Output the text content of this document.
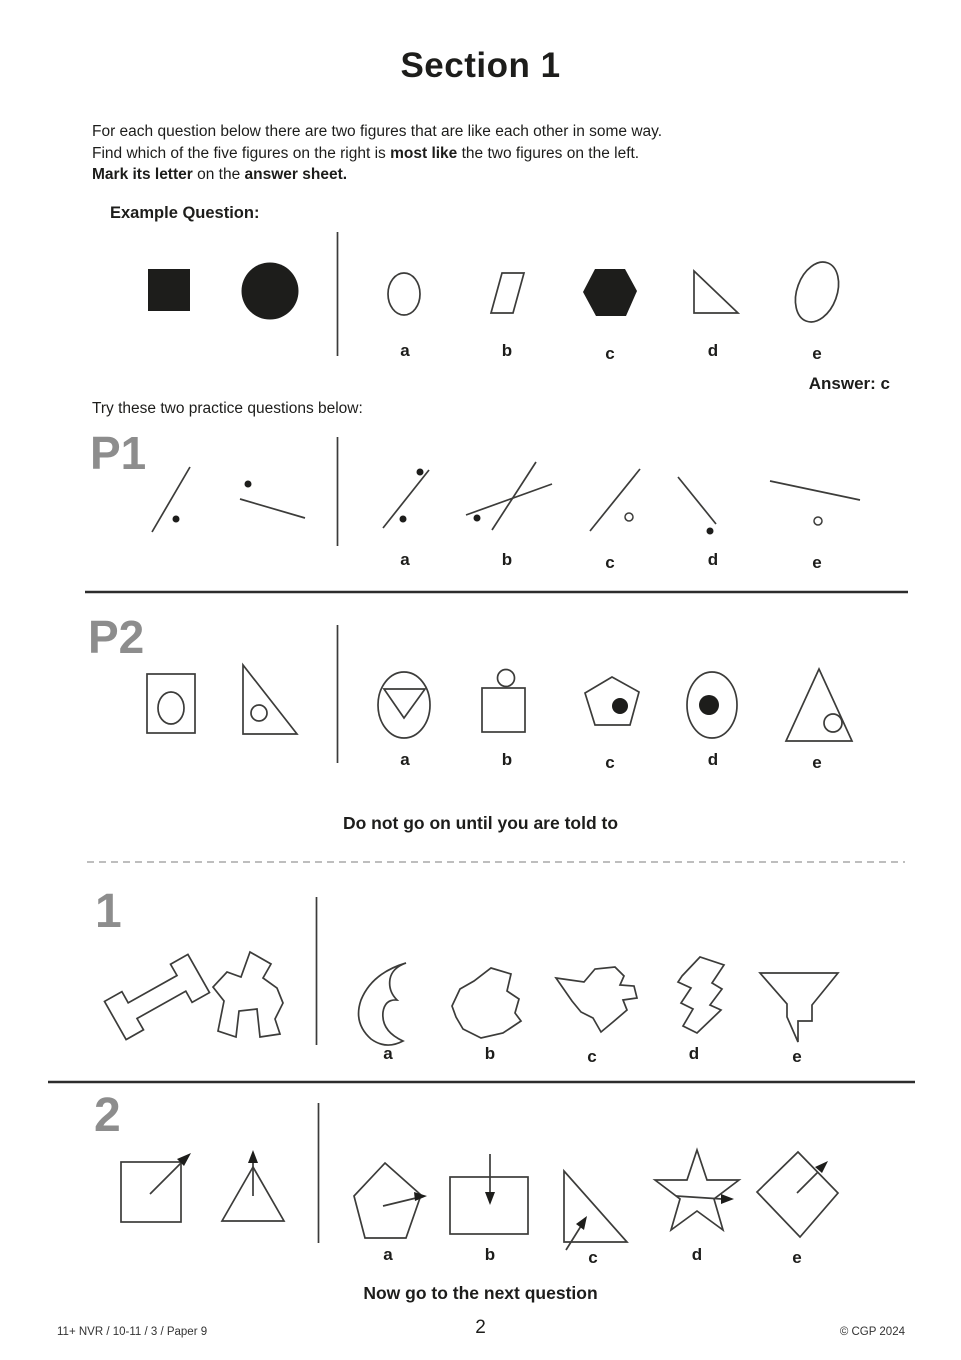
Section 1
For each question below there are two figures that are like each other in some way.
Find which of the five figures on the right is most like the two figures on the left.
Mark its letter on the answer sheet.
Example Question:
Answer: c
Try these two practice questions below:
P1
P2
1
2
Do not go on until you are told to
Now go to the next question
a	b	c	d	e
a	b	c	d	e
a	b	c	d	e
a	b	c	d	e
a	b	c	d	e
11+ NVR / 10-11 / 3 / Paper 9	2	© CGP 2024
